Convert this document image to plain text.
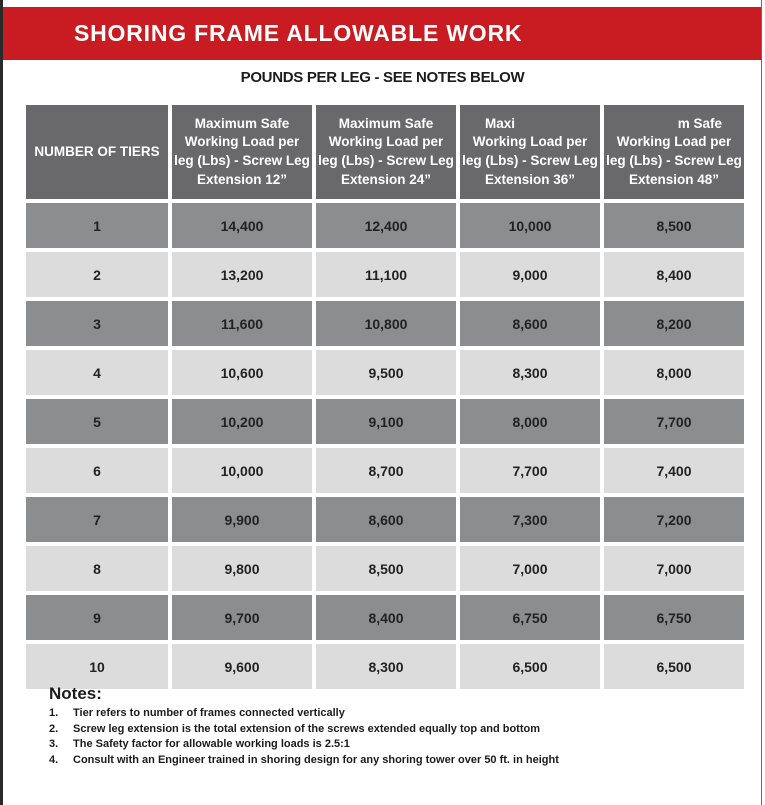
SHORING FRAME ALLOWABLE WORK
POUNDS PER LEG - SEE NOTES BELOW
NUMBER OF TIERS	
Maximum Safe
Working Load per
leg (Lbs) - Screw Leg
Extension 12”

Maximum Safe
Working Load per
leg (Lbs) - Screw Leg
Extension 24”

Maxi
Working Load per
leg (Lbs) - Screw Leg
Extension 36”

m Safe
Working Load per
leg (Lbs) - Screw Leg
Extension 48”

1	14,400	12,400	10,000	8,500
2	13,200	11,100	9,000	8,400
3	11,600	10,800	8,600	8,200
4	10,600	9,500	8,300	8,000
5	10,200	9,100	8,000	7,700
6	10,000	8,700	7,700	7,400
7	9,900	8,600	7,300	7,200
8	9,800	8,500	7,000	7,000
9	9,700	8,400	6,750	6,750
10	9,600	8,300	6,500	6,500
Notes:
1.	Tier refers to number of frames connected vertically
2.	Screw leg extension is the total extension of the screws extended equally top and bottom
3.	The Safety factor for allowable working loads is 2.5:1
4.	Consult with an Engineer trained in shoring design for any shoring tower over 50 ft. in height
